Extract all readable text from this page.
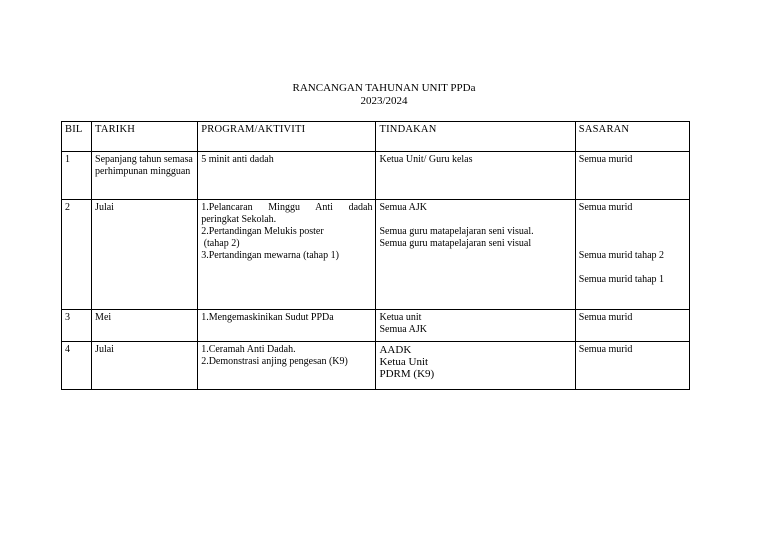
RANCANGAN TAHUNAN UNIT PPDa
2023/2024
BIL	TARIKH	PROGRAM/AKTIVITI	TINDAKAN	SASARAN
1	Sepanjang tahun semasa perhimpunan mingguan	5 minit anti dadah	Ketua Unit/ Guru kelas	Semua murid

2	Julai	1.Pelancaran Minggu Anti dadah peringkat Sekolah.
2.Pertandingan Melukis poster
(tahap 2)
3.Pertandingan mewarna (tahap 1)	Semua AJK
Semua guru matapelajaran seni visual.
Semua guru matapelajaran seni visual	Semua murid
Semua murid tahap 2
Semua murid tahap 1

3	Mei	1.Mengemaskinikan Sudut PPDa	Ketua unit
Semua AJK	Semua murid

4	Julai	1.Ceramah Anti Dadah.
2.Demonstrasi anjing pengesan (K9)	AADK
Ketua Unit
PDRM (K9)	Semua murid
